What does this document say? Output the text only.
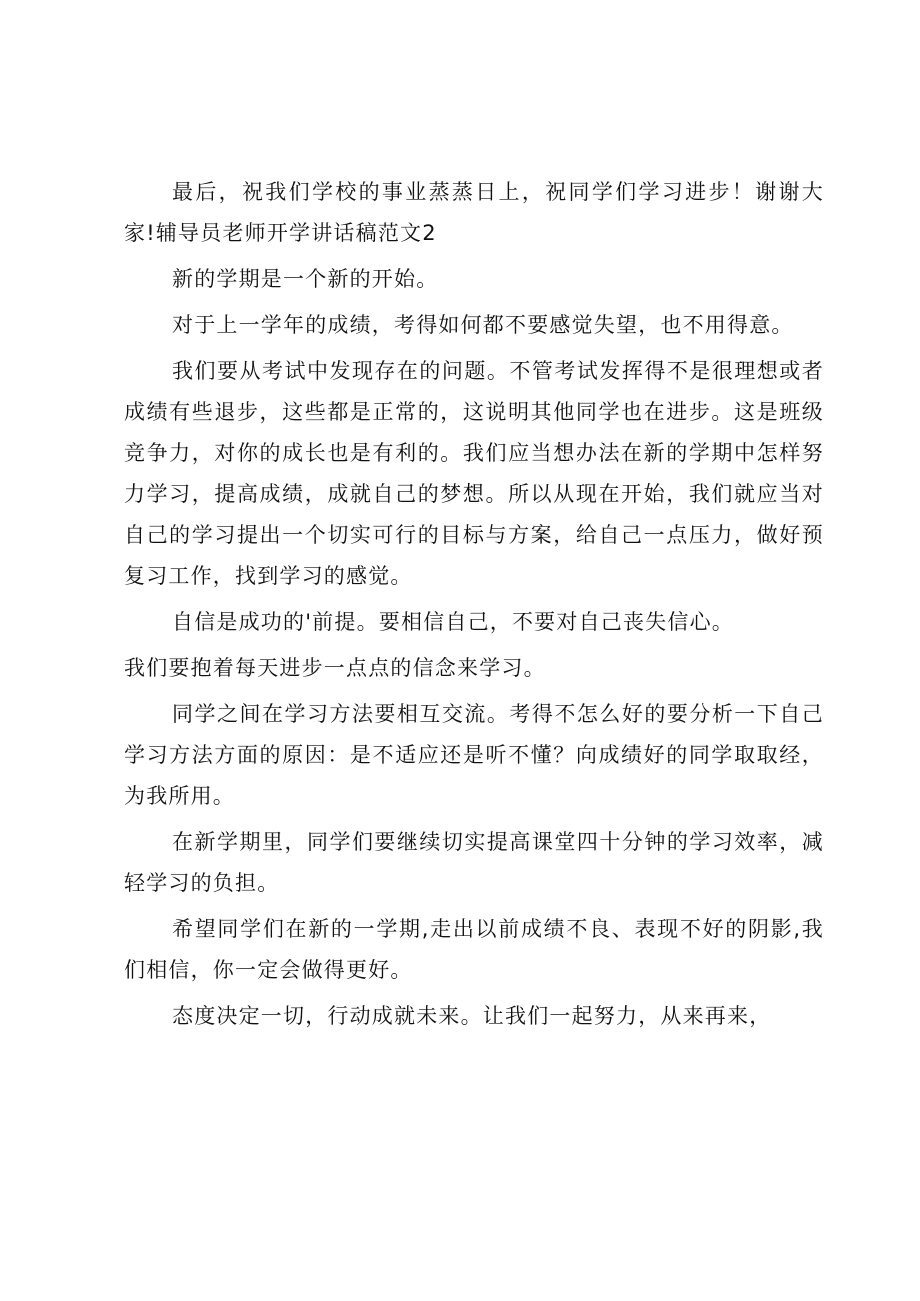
最后，祝我们学校的事业蒸蒸日上，祝同学们学习进步！谢谢大家!辅导员老师开学讲话稿范文2

新的学期是一个新的开始。

对于上一学年的成绩，考得如何都不要感觉失望，也不用得意。

我们要从考试中发现存在的问题。不管考试发挥得不是很理想或者成绩有些退步，这些都是正常的，这说明其他同学也在进步。这是班级竞争力，对你的成长也是有利的。我们应当想办法在新的学期中怎样努力学习，提高成绩，成就自己的梦想。所以从现在开始，我们就应当对自己的学习提出一个切实可行的目标与方案，给自己一点压力，做好预复习工作，找到学习的感觉。

自信是成功的'前提。要相信自己，不要对自己丧失信心。

我们要抱着每天进步一点点的信念来学习。

同学之间在学习方法要相互交流。考得不怎么好的要分析一下自己学习方法方面的原因：是不适应还是听不懂？向成绩好的同学取取经，为我所用。

在新学期里，同学们要继续切实提高课堂四十分钟的学习效率，减轻学习的负担。

希望同学们在新的一学期,走出以前成绩不良、表现不好的阴影,我们相信，你一定会做得更好。

态度决定一切，行动成就未来。让我们一起努力，从来再来，
